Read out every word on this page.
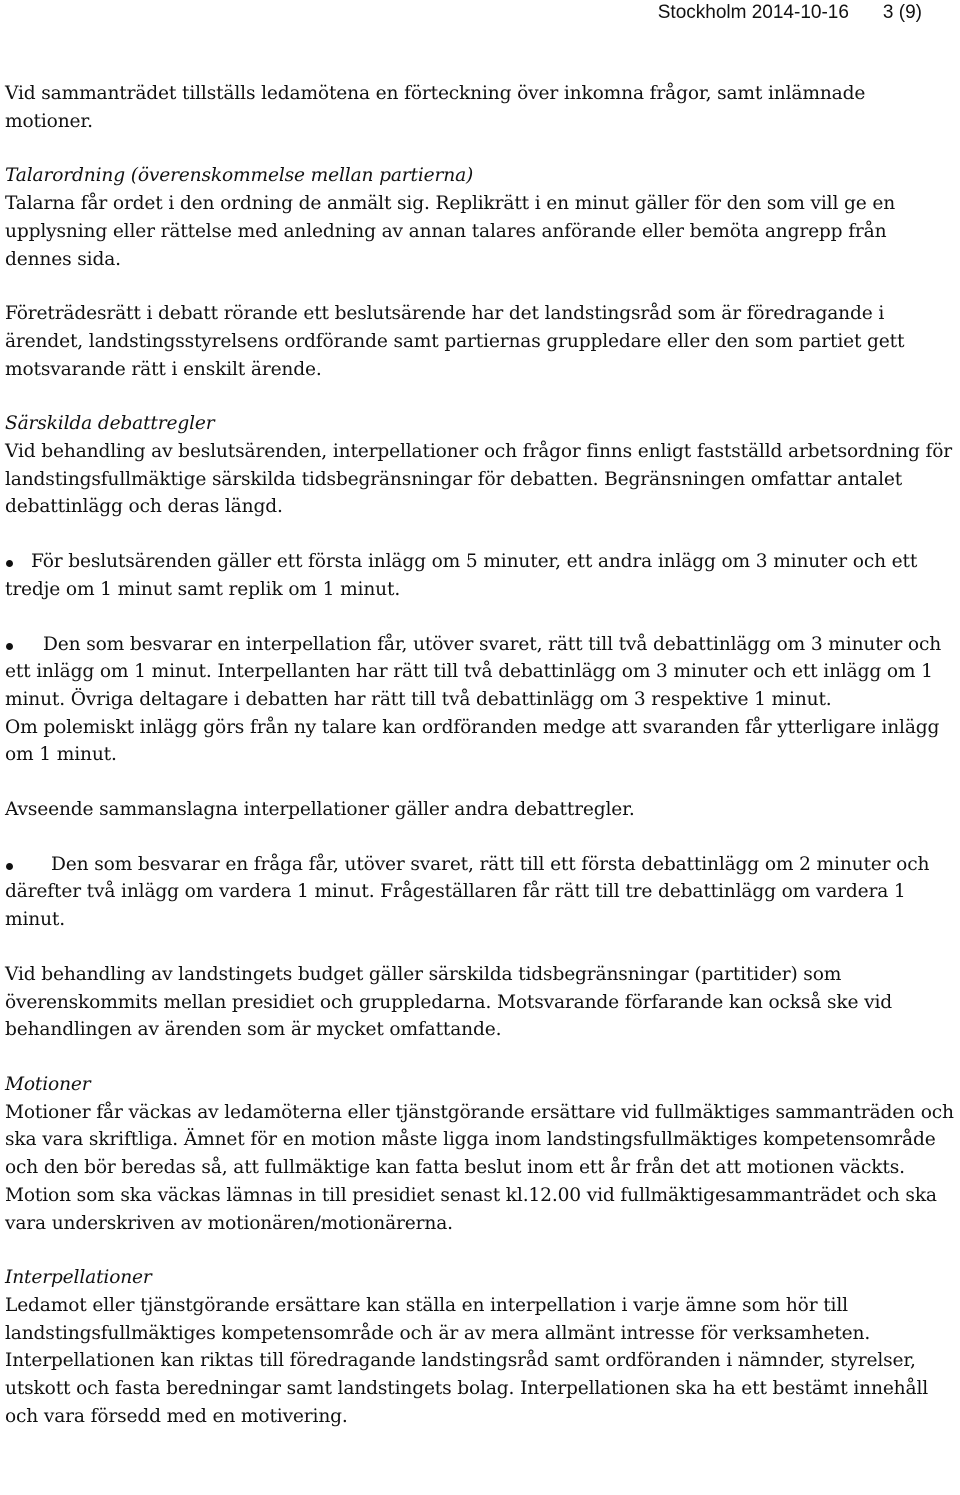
Stockholm 2014-10-16 3 (9)

Vid sammanträdet tillställs ledamötena en förteckning över inkomna frågor, samt inlämnade motioner.

Talarordning (överenskommelse mellan partierna)

Talarna får ordet i den ordning de anmält sig. Replikrätt i en minut gäller för den som vill ge en upplysning eller rättelse med anledning av annan talares anförande eller bemöta angrepp från dennes sida.

Företrädesrätt i debatt rörande ett beslutsärende har det landstingsråd som är föredragande i ärendet, landstingsstyrelsens ordförande samt partiernas gruppledare eller den som partiet gett motsvarande rätt i enskilt ärende.

Särskilda debattregler

Vid behandling av beslutsärenden, interpellationer och frågor finns enligt fastställd arbetsordning för landstingsfullmäktige särskilda tidsbegränsningar för debatten. Begränsningen omfattar antalet debattinlägg och deras längd.

För beslutsärenden gäller ett första inlägg om 5 minuter, ett andra inlägg om 3 minuter och ett tredje om 1 minut samt replik om 1 minut.

Den som besvarar en interpellation får, utöver svaret, rätt till två debattinlägg om 3 minuter och ett inlägg om 1 minut. Interpellanten har rätt till två debattinlägg om 3 minuter och ett inlägg om 1 minut. Övriga deltagare i debatten har rätt till två debattinlägg om 3 respektive 1 minut.

Om polemiskt inlägg görs från ny talare kan ordföranden medge att svaranden får ytterligare inlägg om 1 minut.

Avseende sammanslagna interpellationer gäller andra debattregler.

Den som besvarar en fråga får, utöver svaret, rätt till ett första debattinlägg om 2 minuter och därefter två inlägg om vardera 1 minut. Frågeställaren får rätt till tre debattinlägg om vardera 1 minut.

Vid behandling av landstingets budget gäller särskilda tidsbegränsningar (partitider) som överenskommits mellan presidiet och gruppledarna. Motsvarande förfarande kan också ske vid behandlingen av ärenden som är mycket omfattande.

Motioner

Motioner får väckas av ledamöterna eller tjänstgörande ersättare vid fullmäktiges sammanträden och ska vara skriftliga. Ämnet för en motion måste ligga inom landstingsfullmäktiges kompetensområde och den bör beredas så, att fullmäktige kan fatta beslut inom ett år från det att motionen väckts. Motion som ska väckas lämnas in till presidiet senast kl.12.00 vid fullmäktigesammanträdet och ska vara underskriven av motionären/motionärerna.

Interpellationer

Ledamot eller tjänstgörande ersättare kan ställa en interpellation i varje ämne som hör till landstingsfullmäktiges kompetensområde och är av mera allmänt intresse för verksamheten. Interpellationen kan riktas till föredragande landstingsråd samt ordföranden i nämnder, styrelser, utskott och fasta beredningar samt landstingets bolag. Interpellationen ska ha ett bestämt innehåll och vara försedd med en motivering.
